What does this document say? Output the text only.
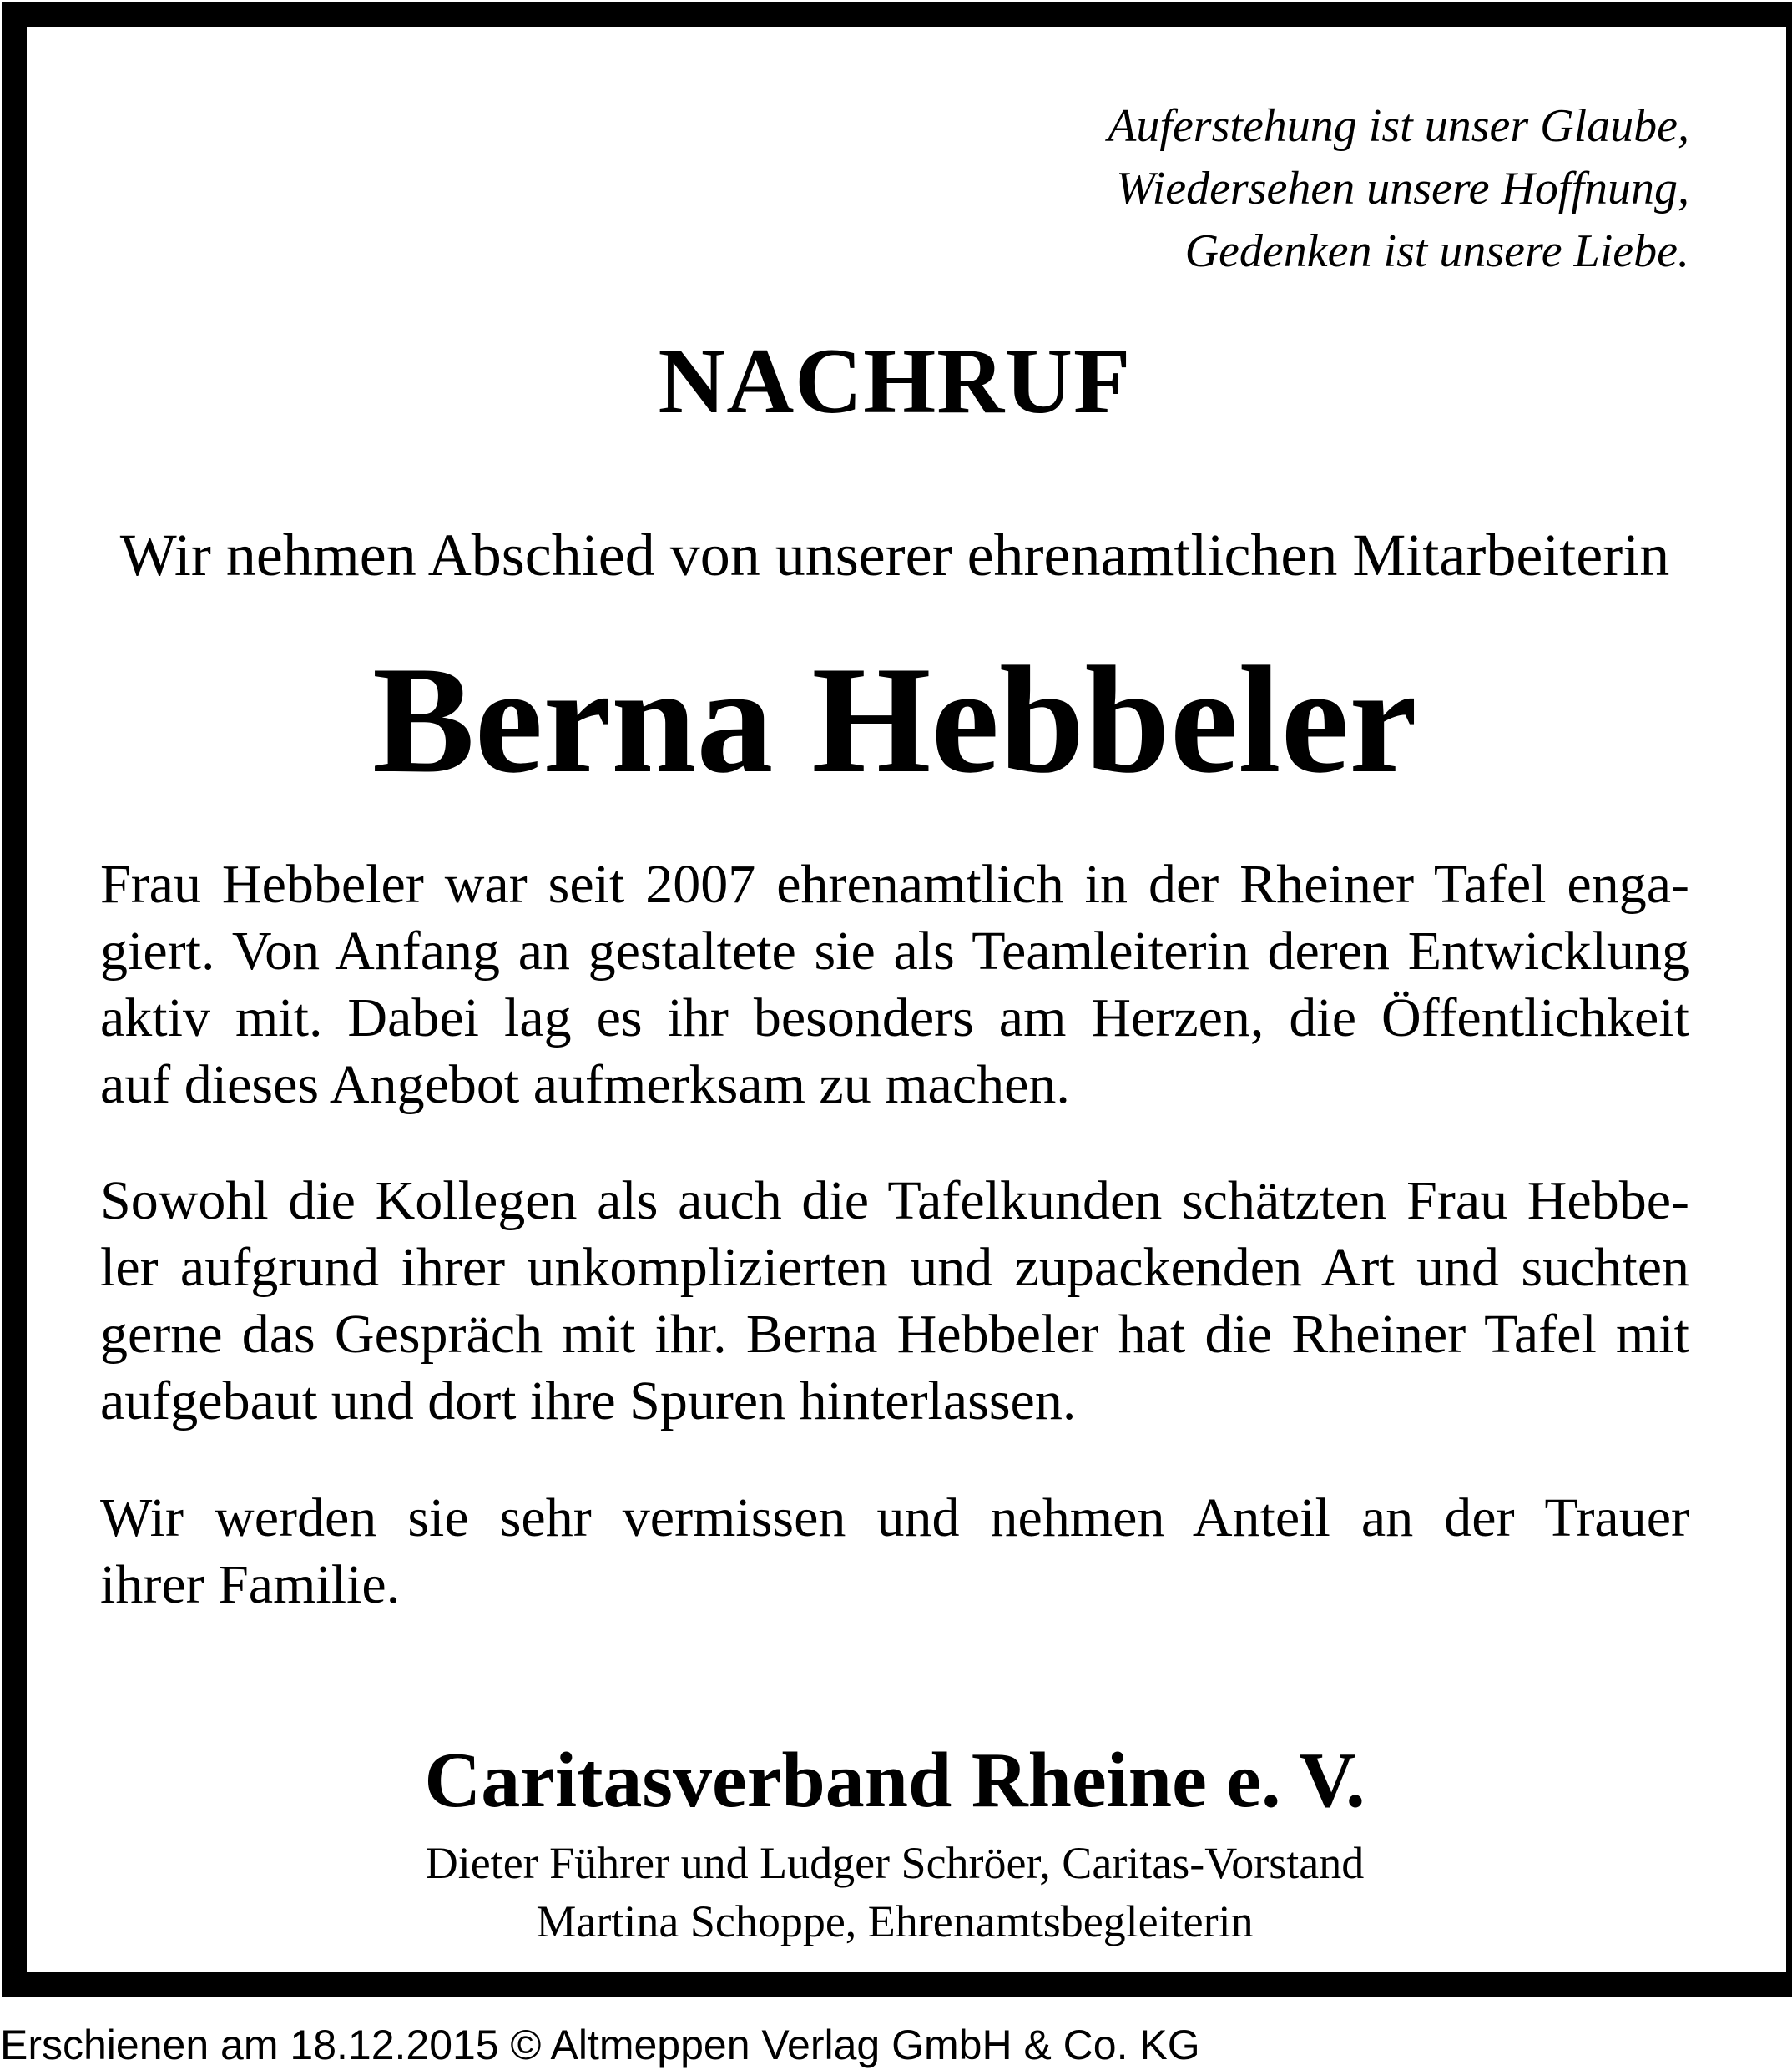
Auferstehung ist unser Glaube,
Wiedersehen unsere Hoffnung,
Gedenken ist unsere Liebe.
NACHRUF
Wir nehmen Abschied von unserer ehrenamtlichen Mitarbeiterin
Berna Hebbeler
Frau Hebbeler war seit 2007 ehrenamtlich in der Rheiner Tafel enga-
giert. Von Anfang an gestaltete sie als Teamleiterin deren Entwicklung
aktiv mit. Dabei lag es ihr besonders am Herzen, die Öffentlichkeit
auf dieses Angebot aufmerksam zu machen.
Sowohl die Kollegen als auch die Tafelkunden schätzten Frau Hebbe-
ler aufgrund ihrer unkomplizierten und zupackenden Art und suchten
gerne das Gespräch mit ihr. Berna Hebbeler hat die Rheiner Tafel mit
aufgebaut und dort ihre Spuren hinterlassen.
Wir werden sie sehr vermissen und nehmen Anteil an der Trauer
ihrer Familie.
Caritasverband Rheine e. V.
Dieter Führer und Ludger Schröer, Caritas-Vorstand
Martina Schoppe, Ehrenamtsbegleiterin
Erschienen am 18.12.2015 © Altmeppen Verlag GmbH & Co. KG
